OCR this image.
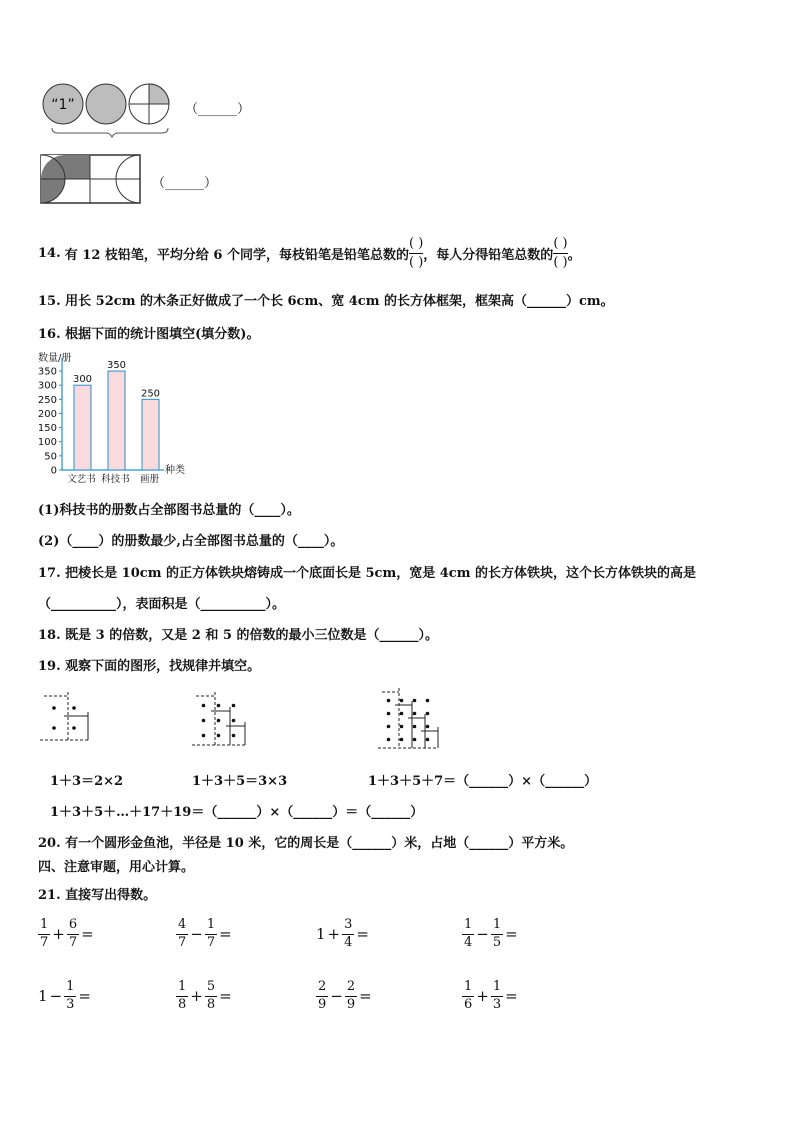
“1”	（______）
（______）
14.
有 12 枝铅笔，平均分给 6 个同学，每枝铅笔是铅笔总数的 $\frac{( )}{( )}$ ，每人分得铅笔总数的 $\frac{( )}{( )}$ 。
15. 用长 52cm 的木条正好做成了一个长 6cm、宽 4cm 的长方体框架，框架高（______）cm。
16. 根据下面的统计图填空(填分数)。
数量/册
0
50
100
150
200
250
300
350
300
文艺书
350
科技书
250
画册
种类
(1)科技书的册数占全部图书总量的（____）。
(2)（____）的册数最少,占全部图书总量的（____）。
17. 把棱长是 10cm 的正方体铁块熔铸成一个底面长是 5cm，宽是 4cm 的长方体铁块，这个长方体铁块的高是
（__________），表面积是（__________）。
18. 既是 3 的倍数，又是 2 和 5 的倍数的最小三位数是（______）。
19. 观察下面的图形，找规律并填空。
1＋3＝2×2	1＋3＋5＝3×3	1＋3＋5＋7＝（______）×（______）
1＋3＋5＋…＋17＋19＝（______）×（______）＝（______）
20. 有一个圆形金鱼池，半径是 10 米，它的周长是（______）米，占地（______）平方米。
四、注意审题，用心计算。
21. 直接写出得数。
$\frac{1}{7} + \frac{6}{7}$ =	$\frac{4}{7} - \frac{1}{7}$ =	$1 + \frac{3}{4}$ =	$\frac{1}{4} - \frac{1}{5}$ =
$1 - \frac{1}{3}$ =	$\frac{1}{8} + \frac{5}{8}$ =	$\frac{2}{9} - \frac{2}{9}$ =	$\frac{1}{6} + \frac{1}{3}$ =
